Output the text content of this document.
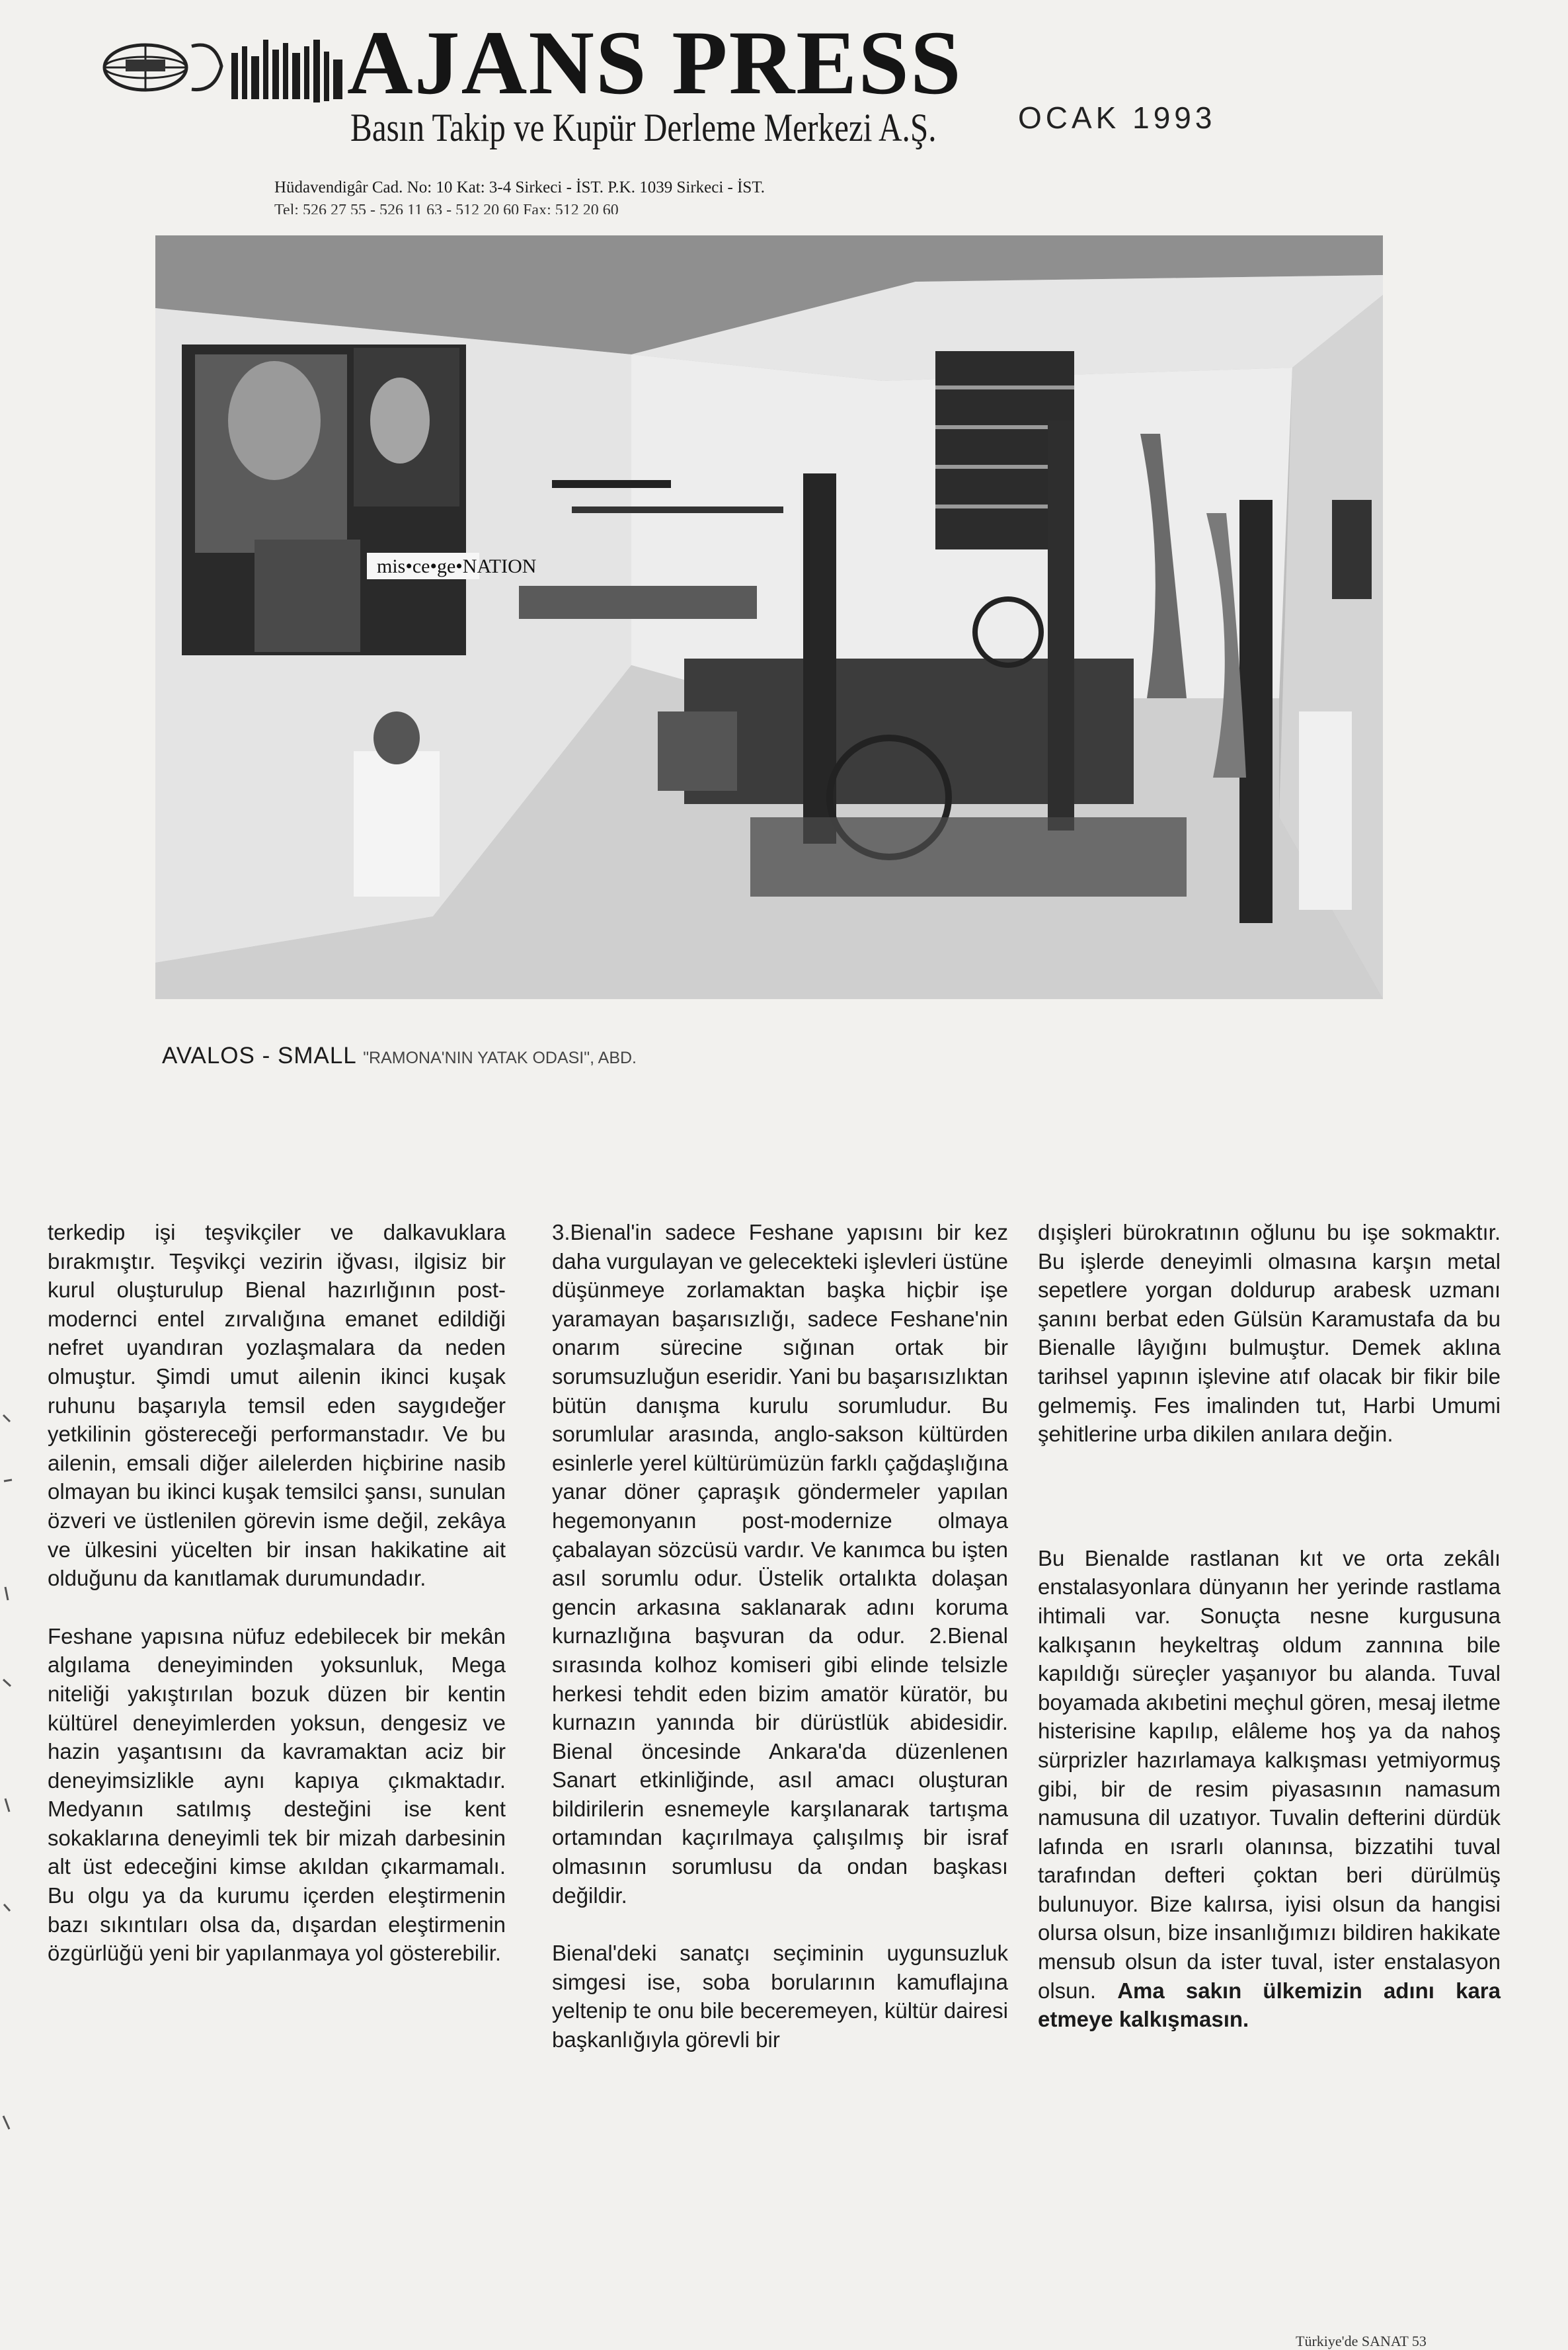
AJANS PRESS
Basın Takip ve Kupür Derleme Merkezi A.Ş.	OCAK 1993
Hüdavendigâr Cad. No: 10 Kat: 3-4 Sirkeci - İST. P.K. 1039 Sirkeci - İST.
Tel: 526 27 55 - 526 11 63 - 512 20 60 Fax: 512 20 60
mis•ce•ge•NATION
AVALOS - SMALL "RAMONA'NIN YATAK ODASI", ABD.

terkedip işi teşvikçiler ve dalkavuklara bırakmıştır. Teşvikçi vezirin iğvası, ilgisiz bir kurul oluşturulup Bienal hazırlığının post-modernci entel zırvalığına emanet edildiği nefret uyandıran yozlaşmalara da neden olmuştur. Şimdi umut ailenin ikinci kuşak ruhunu başarıyla temsil eden saygıdeğer yetkilinin göstereceği performanstadır. Ve bu ailenin, emsali diğer ailelerden hiçbirine nasib olmayan bu ikinci kuşak temsilci şansı, sunulan özveri ve üstlenilen görevin isme değil, zekâya ve ülkesini yücelten bir insan hakikatine ait olduğunu da kanıtlamak durumundadır.

Feshane yapısına nüfuz edebilecek bir mekân algılama deneyiminden yoksunluk, Mega niteliği yakıştırılan bozuk düzen bir kentin kültürel deneyimlerden yoksun, dengesiz ve hazin yaşantısını da kavramaktan aciz bir deneyimsizlikle aynı kapıya çıkmaktadır. Medyanın satılmış desteğini ise kent sokaklarına deneyimli tek bir mizah darbesinin alt üst edeceğini kimse akıldan çıkarmamalı. Bu olgu ya da kurumu içerden eleştirmenin bazı sıkıntıları olsa da, dışardan eleştirmenin özgürlüğü yeni bir yapılanmaya yol gösterebilir.

3.Bienal'in sadece Feshane yapısını bir kez daha vurgulayan ve gelecekteki işlevleri üstüne düşünmeye zorlamaktan başka hiçbir işe yaramayan başarısızlığı, sadece Feshane'nin onarım sürecine sığınan ortak bir sorumsuzluğun eseridir. Yani bu başarısızlıktan bütün danışma kurulu sorumludur. Bu sorumlular arasında, anglo-sakson kültürden esinlerle yerel kültürümüzün farklı çağdaşlığına yanar döner çapraşık göndermeler yapılan hegemonyanın post-modernize olmaya çabalayan sözcüsü vardır. Ve kanımca bu işten asıl sorumlu odur. Üstelik ortalıkta dolaşan gencin arkasına saklanarak adını koruma kurnazlığına başvuran da odur. 2.Bienal sırasında kolhoz komiseri gibi elinde telsizle herkesi tehdit eden bizim amatör küratör, bu kurnazın yanında bir dürüstlük abidesidir. Bienal öncesinde Ankara'da düzenlenen Sanart etkinliğinde, asıl amacı oluşturan bildirilerin esnemeyle karşılanarak tartışma ortamından kaçırılmaya çalışılmış bir israf olmasının sorumlusu da ondan başkası değildir.

Bienal'deki sanatçı seçiminin uygunsuzluk simgesi ise, soba borularının kamuflajına yeltenip te onu bile beceremeyen, kültür dairesi başkanlığıyla görevli bir

dışişleri bürokratının oğlunu bu işe sokmaktır. Bu işlerde deneyimli olmasına karşın metal sepetlere yorgan doldurup arabesk uzmanı şanını berbat eden Gülsün Karamustafa da bu Bienalle lâyığını bulmuştur. Demek aklına tarihsel yapının işlevine atıf olacak bir fikir bile gelmemiş. Fes imalinden tut, Harbi Umumi şehitlerine urba dikilen anılara değin.

Bu Bienalde rastlanan kıt ve orta zekâlı enstalasyonlara dünyanın her yerinde rastlama ihtimali var. Sonuçta nesne kurgusuna kalkışanın heykeltraş oldum zannına bile kapıldığı süreçler yaşanıyor bu alanda. Tuval boyamada akıbetini meçhul gören, mesaj iletme histerisine kapılıp, elâleme hoş ya da nahoş sürprizler hazırlamaya kalkışması yetmiyormuş gibi, bir de resim piyasasının namasum namusuna dil uzatıyor. Tuvalin defterini dürdük lafında en ısrarlı olanınsa, bizzatihi tuval tarafından defteri çoktan beri dürülmüş bulunuyor. Bize kalırsa, iyisi olsun da hangisi olursa olsun, bize insanlığımızı bildiren hakikate mensub olsun da ister tuval, ister enstalasyon olsun. Ama sakın ülkemizin adını kara etmeye kalkışmasın.

Türkiye'de SANAT 53
